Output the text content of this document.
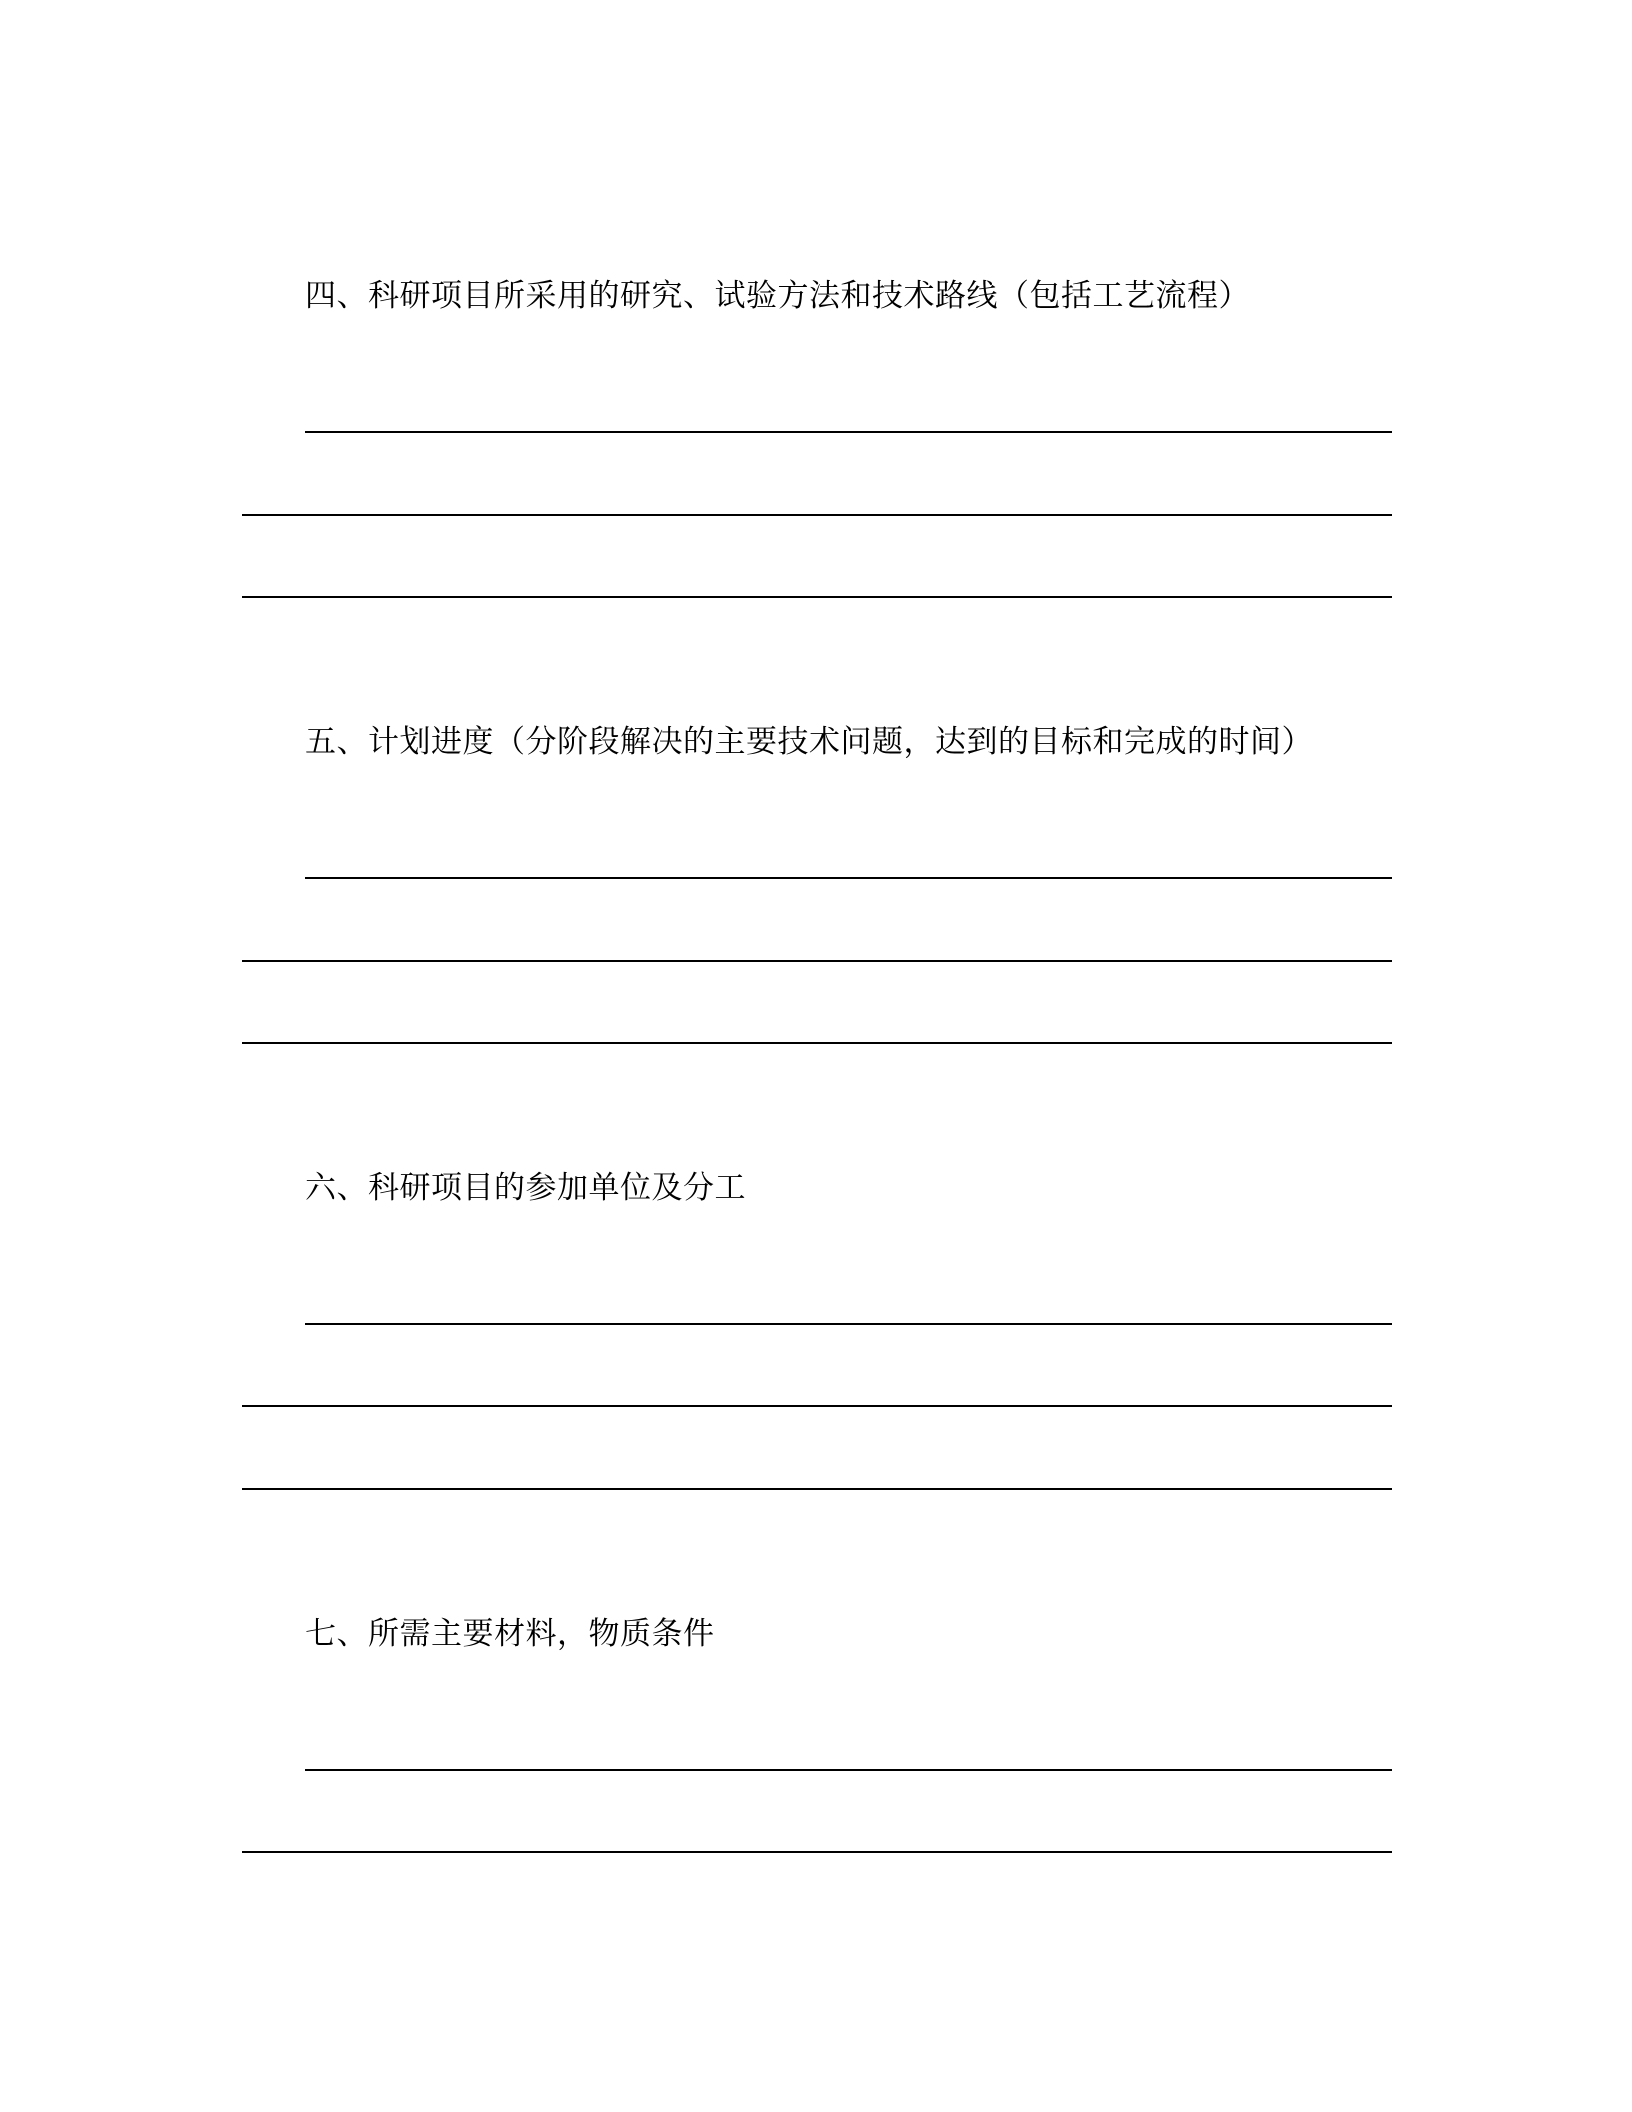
四、科研项目所采用的研究、试验方法和技术路线（包括工艺流程）
五、计划进度（分阶段解决的主要技术问题，达到的目标和完成的时间）
六、科研项目的参加单位及分工
七、所需主要材料，物质条件
